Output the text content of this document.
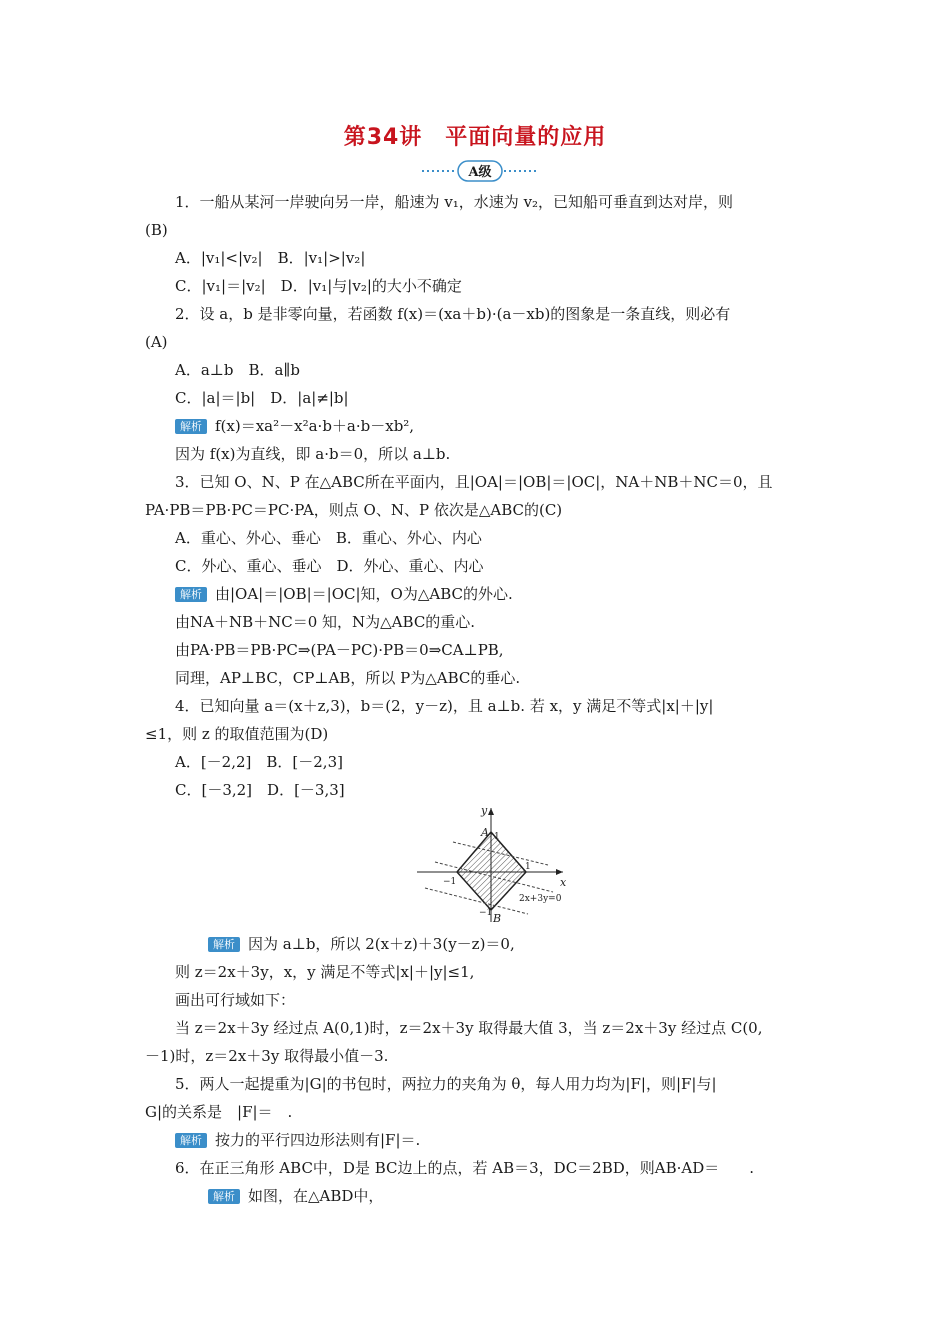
第34讲　平面向量的应用
A级
1．一船从某河一岸驶向另一岸，船速为 v₁，水速为 v₂，已知船可垂直到达对岸，则
(B)
A．|v₁|<|v₂|　B．|v₁|>|v₂|
C．|v₁|＝|v₂|　D．|v₁|与|v₂|的大小不确定
2．设 a，b 是非零向量，若函数 f(x)＝(xa＋b)·(a－xb)的图象是一条直线，则必有
(A)
A．a⊥b　B．a∥b
C．|a|＝|b|　D．|a|≠|b|
解析 f(x)＝xa²－x²a·b＋a·b－xb²,
因为 f(x)为直线，即 a·b＝0，所以 a⊥b.
3．已知 O、N、P 在△ABC所在平面内，且|OA|＝|OB|＝|OC|，NA＋NB＋NC＝0，且
PA·PB＝PB·PC＝PC·PA，则点 O、N、P 依次是△ABC的(C)
A．重心、外心、垂心　B．重心、外心、内心
C．外心、重心、垂心　D．外心、重心、内心
解析 由|OA|＝|OB|＝|OC|知，O为△ABC的外心.
由NA＋NB＋NC＝0 知，N为△ABC的重心.
由PA·PB＝PB·PC⇒(PA－PC)·PB＝0⇒CA⊥PB,
同理，AP⊥BC，CP⊥AB，所以 P为△ABC的垂心.
4．已知向量 a＝(x＋z,3)，b＝(2，y－z)，且 a⊥b. 若 x，y 满足不等式|x|＋|y|
≤1，则 z 的取值范围为(D)
A．[－2,2]　B．[－2,3]
C．[－3,2]　D．[－3,3]
y
x
A 1
1
−1
−1 B
2x+3y=0
解析 因为 a⊥b，所以 2(x＋z)＋3(y－z)＝0,
则 z＝2x＋3y，x，y 满足不等式|x|＋|y|≤1,
画出可行域如下：
当 z＝2x＋3y 经过点 A(0,1)时，z＝2x＋3y 取得最大值 3，当 z＝2x＋3y 经过点 C(0,
－1)时，z＝2x＋3y 取得最小值－3.
5．两人一起提重为|G|的书包时，两拉力的夹角为 θ，每人用力均为|F|，则|F|与|
G|的关系是　|F|＝　.
解析 按力的平行四边形法则有|F|＝.
6．在正三角形 ABC中，D是 BC边上的点，若 AB＝3，DC＝2BD，则AB·AD＝　　.
解析 如图，在△ABD中，
